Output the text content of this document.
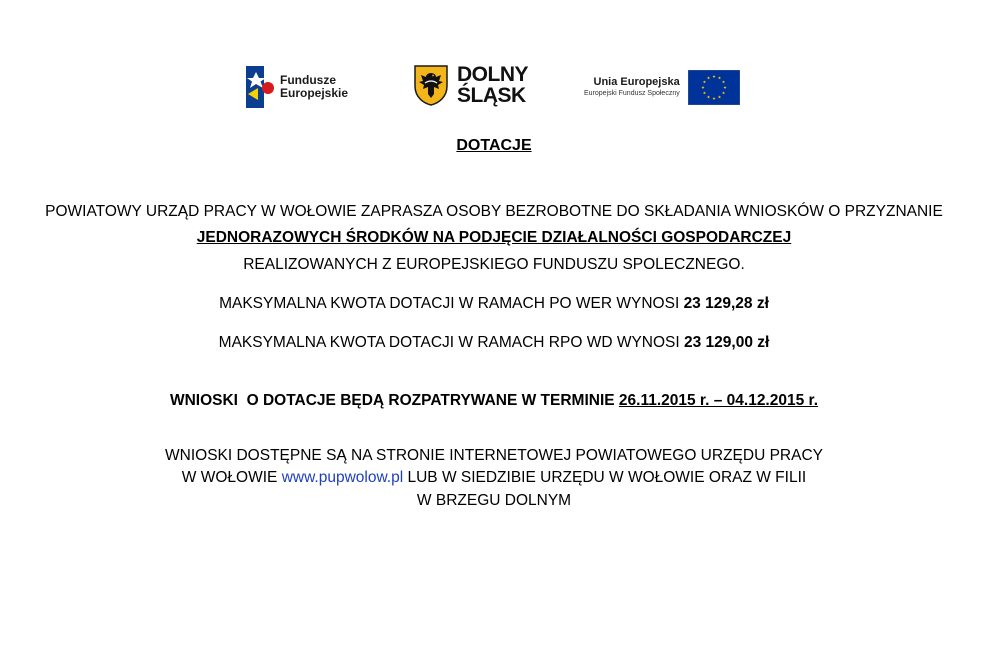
Fundusze
Europejskie
DOLNY
ŚLĄSK
Unia Europejska
Europejski Fundusz Społeczny
DOTACJE
POWIATOWY URZĄD PRACY W WOŁOWIE ZAPRASZA OSOBY BEZROBOTNE DO SKŁADANIA WNIOSKÓW O PRZYZNANIE
JEDNORAZOWYCH ŚRODKÓW NA PODJĘCIE DZIAŁALNOŚCI GOSPODARCZEJ
REALIZOWANYCH Z EUROPEJSKIEGO FUNDUSZU SPOLECZNEGO.
MAKSYMALNA KWOTA DOTACJI W RAMACH PO WER WYNOSI 23 129,28 zł
MAKSYMALNA KWOTA DOTACJI W RAMACH RPO WD WYNOSI 23 129,00 zł
WNIOSKI  O DOTACJE BĘDĄ ROZPATRYWANE W TERMINIE 26.11.2015 r. – 04.12.2015 r.
WNIOSKI DOSTĘPNE SĄ NA STRONIE INTERNETOWEJ POWIATOWEGO URZĘDU PRACY
W WOŁOWIE www.pupwolow.pl LUB W SIEDZIBIE URZĘDU W WOŁOWIE ORAZ W FILII
W BRZEGU DOLNYM
